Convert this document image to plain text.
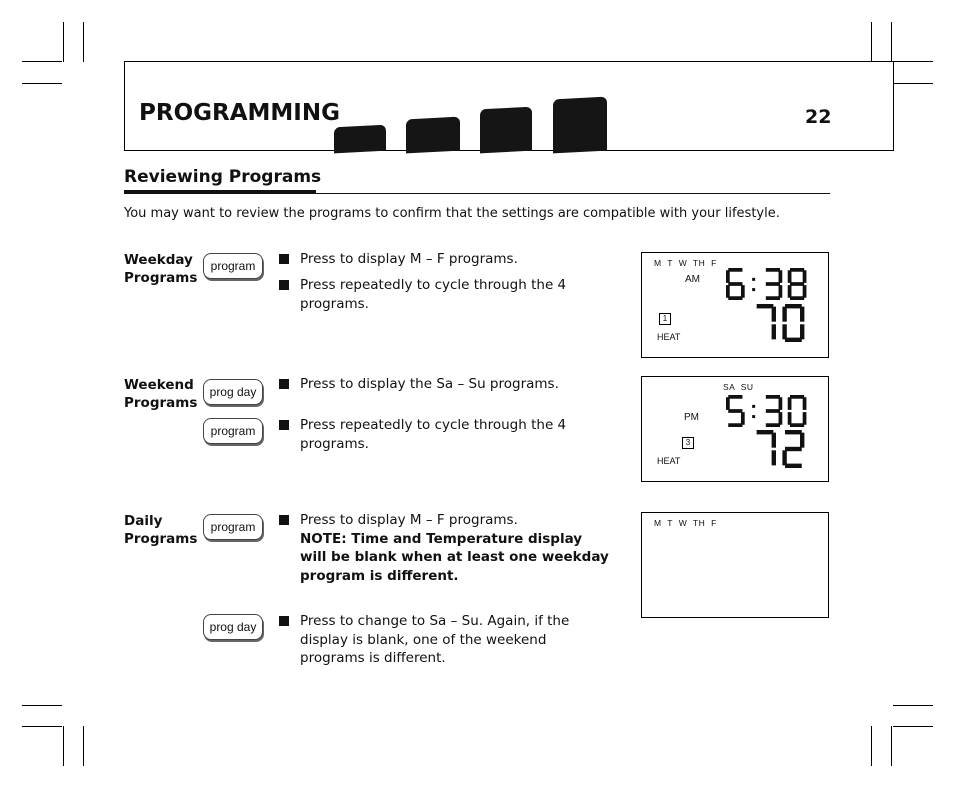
PROGRAMMING	22
Reviewing Programs
You may want to review the programs to confirm that the settings are compatible with your lifestyle.
Weekday
Programs
program	Press to display M – F programs.
Press repeatedly to cycle through the 4 programs.
M T W TH F
AM
1
HEAT
Weekend
Programs
prog day
program
Press to display the Sa – Su programs.
Press repeatedly to cycle through the 4 programs.
SA SU
PM
3
HEAT
Daily
Programs
program
prog day
Press to display M – F programs.
NOTE: Time and Temperature display will be blank when at least one weekday program is different.
Press to change to Sa – Su. Again, if the display is blank, one of the weekend programs is different.
M T W TH F
